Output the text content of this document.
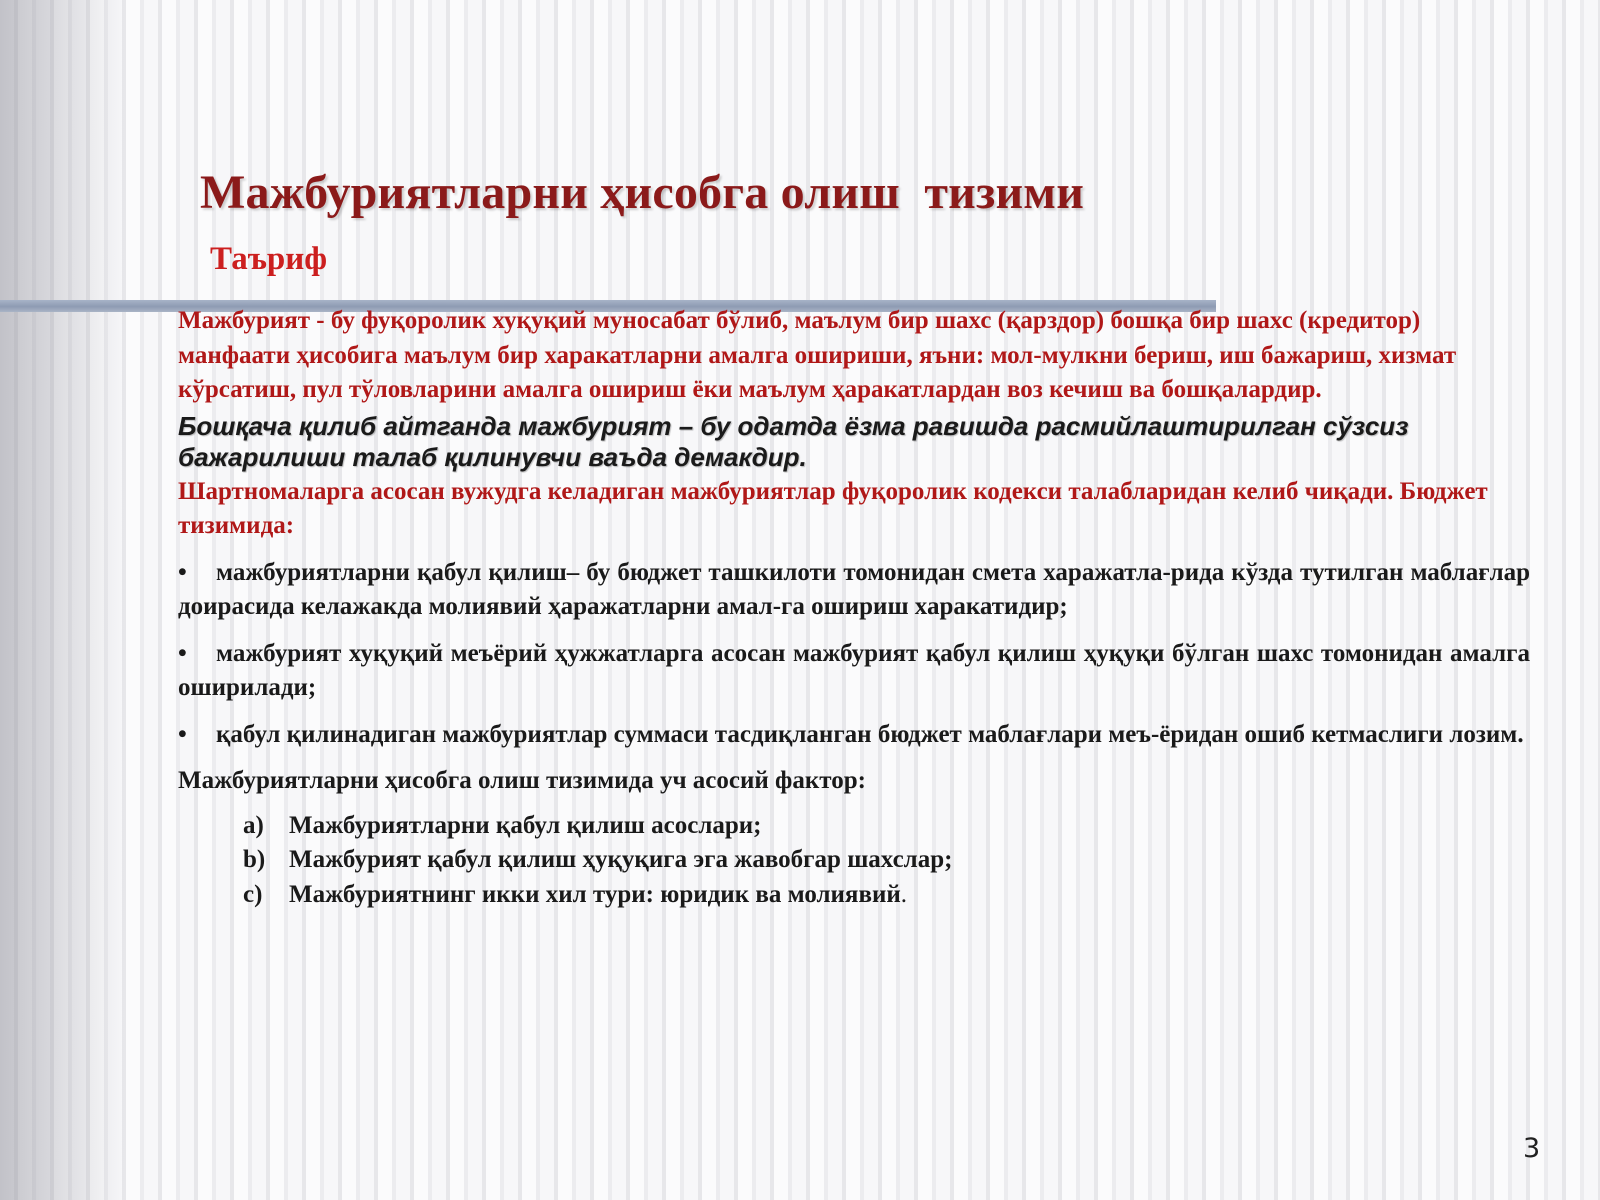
Мажбуриятларни ҳисобга олиш  тизими
Таъриф

Мажбурият - бу фуқоролик хуқуқий муносабат бўлиб, маълум бир шахс (қарздор) бошқа бир шахс (кредитор) манфаати ҳисобига маълум бир харакатларни амалга ошириши, яъни: мол-мулкни бериш, иш бажариш, хизмат кўрсатиш, пул тўловларини амалга ошириш ёки маълум ҳаракатлардан воз кечиш ва бошқалардир.

Бошқача қилиб айтганда мажбурият – бу одатда ёзма равишда расмийлаштирилган сўзсиз бажарилиши талаб қилинувчи ваъда демакдир.

Шартномаларга асосан вужудга келадиган мажбуриятлар фуқоролик кодекси талабларидан келиб чиқади. Бюджет тизимида:

• мажбуриятларни қабул қилиш– бу бюджет ташкилоти томонидан смета харажатла-рида кўзда тутилган маблағлар доирасида келажакда молиявий ҳаражатларни амал-га ошириш харакатидир;

• мажбурият хуқуқий меъёрий ҳужжатларга асосан мажбурият қабул қилиш ҳуқуқи бўлган шахс томонидан амалга оширилади;

• қабул қилинадиган мажбуриятлар суммаси тасдиқланган бюджет маблағлари меъ-ёридан ошиб кетмаслиги лозим.

Мажбуриятларни ҳисобга олиш тизимида уч асосий фактор:

a) Мажбуриятларни қабул қилиш асослари;
b) Мажбурият қабул қилиш ҳуқуқига эга жавобгар шахслар;
c) Мажбуриятнинг икки хил тури: юридик ва молиявий.
3
